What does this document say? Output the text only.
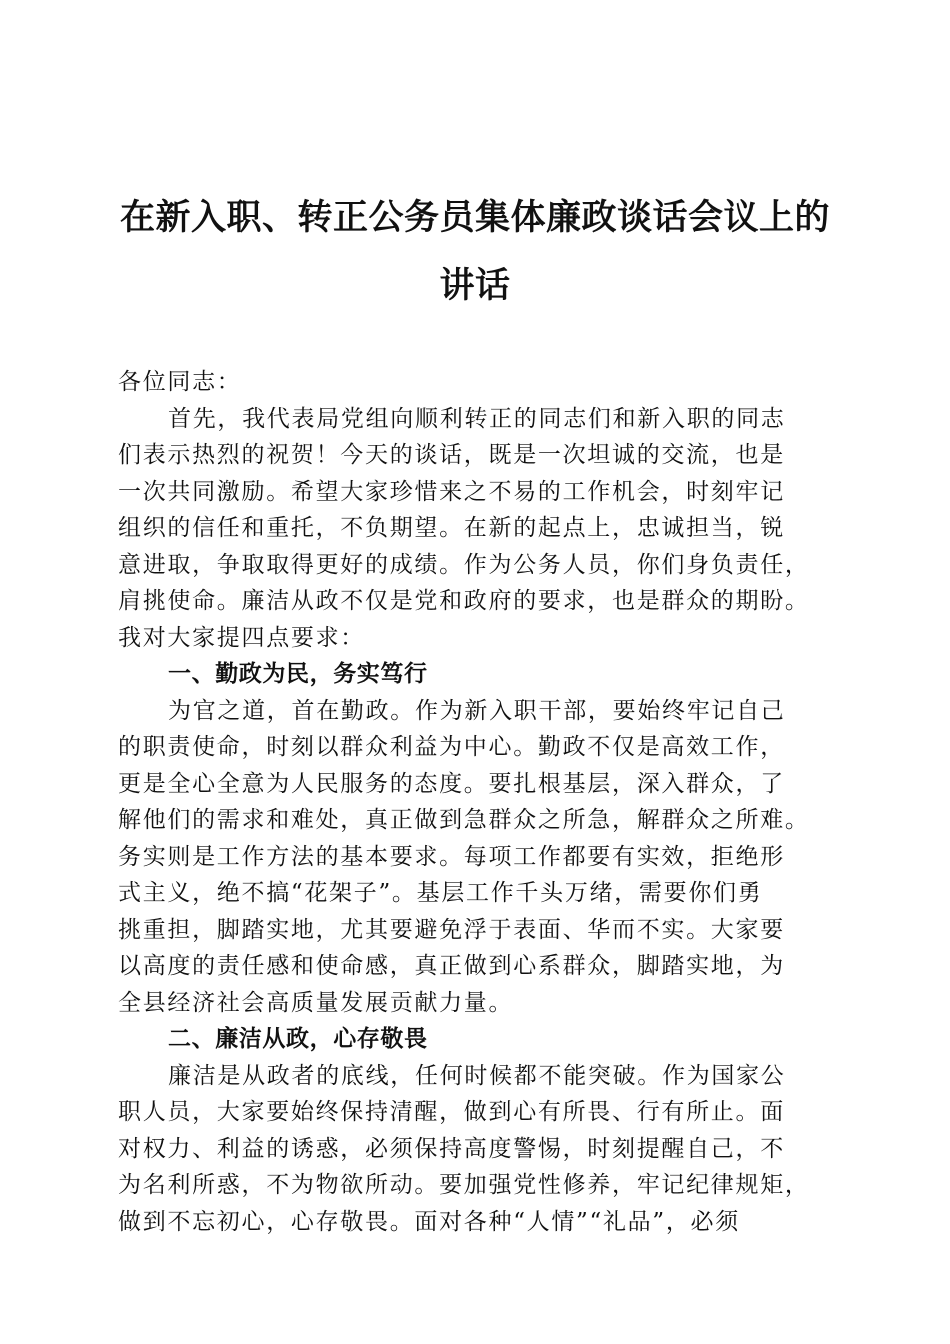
在新入职、转正公务员集体廉政谈话会议上的
讲话
各位同志：
首先，我代表局党组向顺利转正的同志们和新入职的同志
们表示热烈的祝贺！今天的谈话，既是一次坦诚的交流，也是
一次共同激励。希望大家珍惜来之不易的工作机会，时刻牢记
组织的信任和重托，不负期望。在新的起点上，忠诚担当，锐
意进取，争取取得更好的成绩。作为公务人员，你们身负责任，
肩挑使命。廉洁从政不仅是党和政府的要求，也是群众的期盼。
我对大家提四点要求：
一、勤政为民，务实笃行
为官之道，首在勤政。作为新入职干部，要始终牢记自己
的职责使命，时刻以群众利益为中心。勤政不仅是高效工作，
更是全心全意为人民服务的态度。要扎根基层，深入群众，了
解他们的需求和难处，真正做到急群众之所急，解群众之所难。
务实则是工作方法的基本要求。每项工作都要有实效，拒绝形
式主义，绝不搞“花架子”。基层工作千头万绪，需要你们勇
挑重担，脚踏实地，尤其要避免浮于表面、华而不实。大家要
以高度的责任感和使命感，真正做到心系群众，脚踏实地，为
全县经济社会高质量发展贡献力量。
二、廉洁从政，心存敬畏
廉洁是从政者的底线，任何时候都不能突破。作为国家公
职人员，大家要始终保持清醒，做到心有所畏、行有所止。面
对权力、利益的诱惑，必须保持高度警惕，时刻提醒自己，不
为名利所惑，不为物欲所动。要加强党性修养，牢记纪律规矩，
做到不忘初心，心存敬畏。面对各种“人情”“礼品”，必须
